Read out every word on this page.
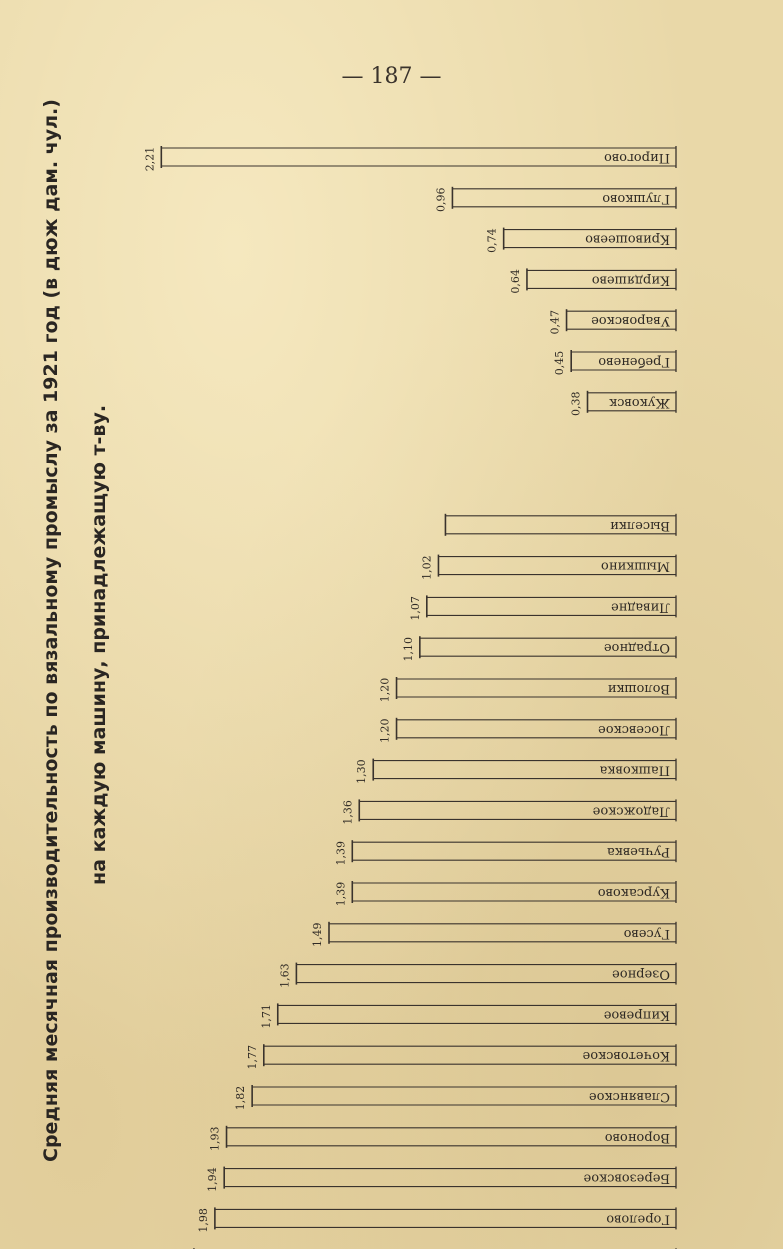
— 187 —
Средняя месячная производительность по вязальному промыслу за 1921 год (в дюж дам. чул.) на каждую машину, принадлежащую т-ву.
Пирогово
2,21
Глушково
0,96
Кривошеево
0,74
Кирдяшево
0,64
Уваровское
0,47
Гребенево
0,45
Жуковск
0,38
Выселки
Мышкино
1,02
Ливадне
1,07
Отрадное
1,10
Волошки
1,20
Лосевское
1,20
Пашковка
1,30
Ладожское
1,36
Ручьевка
1,39
Курсаково
1,39
Гусево
1,49
Озерное
1,63
Кипревое
1,71
Кочетовское
1,77
Славянское
1,82
Вороново
1,93
Березовское
1,94
Горелово
1,98
